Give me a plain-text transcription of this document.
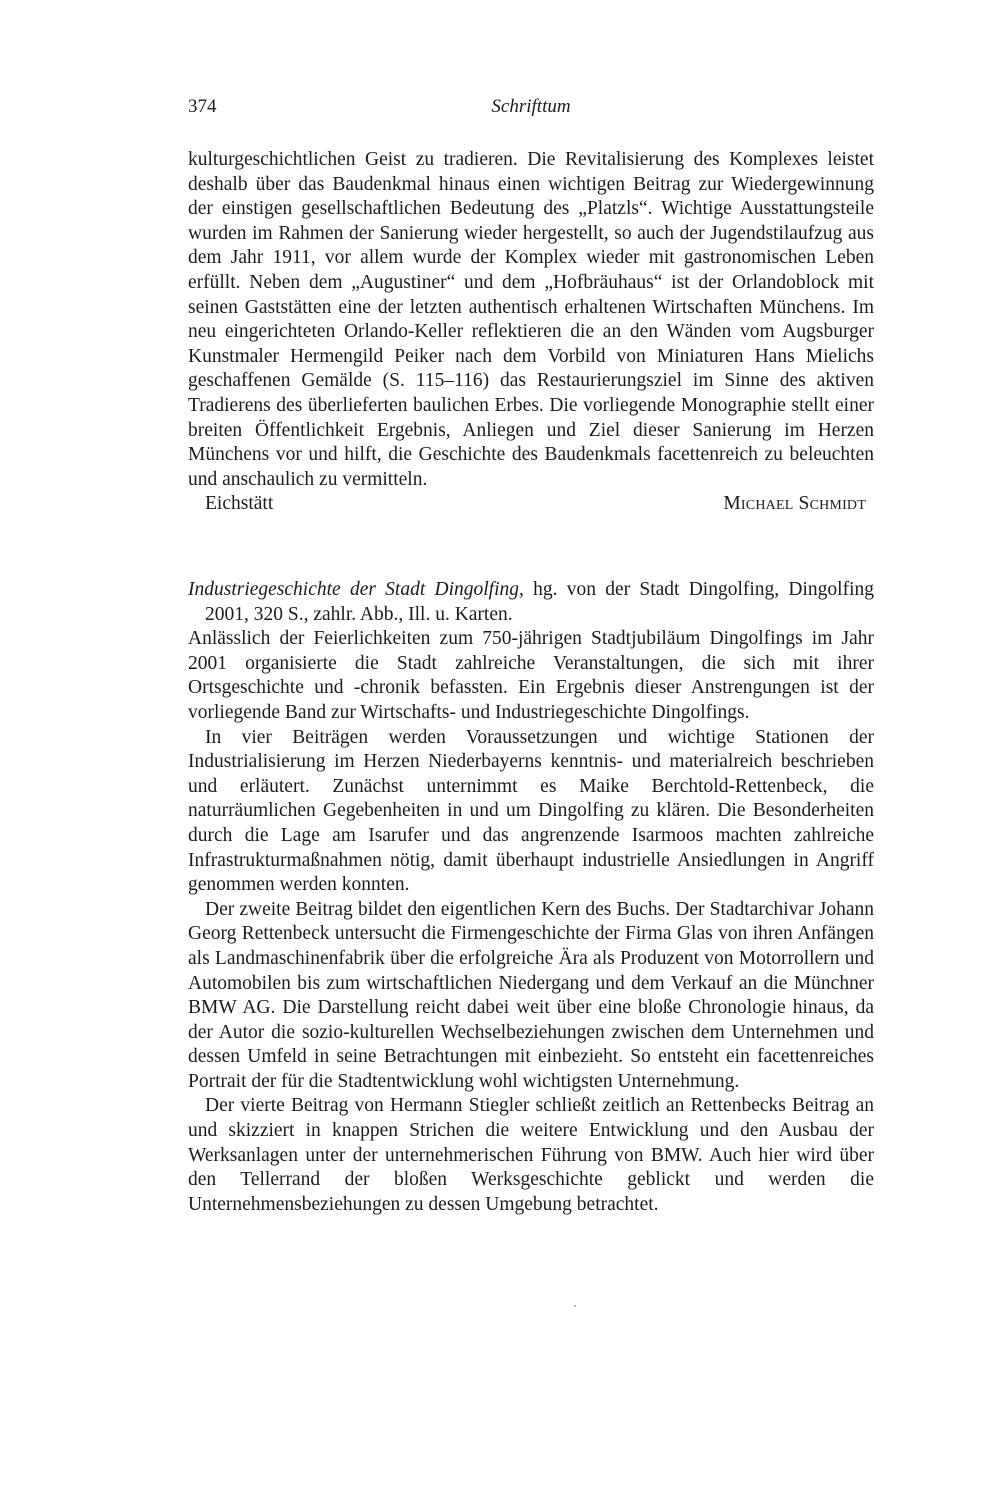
374	Schrifttum

kulturgeschichtlichen Geist zu tradieren. Die Revitalisierung des Komplexes leistet deshalb über das Baudenkmal hinaus einen wichtigen Beitrag zur Wiedergewinnung der einstigen gesellschaftlichen Bedeutung des „Platzls“. Wichtige Ausstattungsteile wurden im Rahmen der Sanierung wieder hergestellt, so auch der Jugendstilaufzug aus dem Jahr 1911, vor allem wurde der Komplex wieder mit gastronomischen Leben erfüllt. Neben dem „Augustiner“ und dem „Hofbräuhaus“ ist der Orlandoblock mit seinen Gaststätten eine der letzten authentisch erhaltenen Wirtschaften Münchens. Im neu eingerichteten Orlando-Keller reflektieren die an den Wänden vom Augsburger Kunstmaler Hermengild Peiker nach dem Vorbild von Miniaturen Hans Mielichs geschaffenen Gemälde (S. 115–116) das Restaurierungsziel im Sinne des aktiven Tradierens des überlieferten baulichen Erbes. Die vorliegende Monographie stellt einer breiten Öffentlichkeit Ergebnis, Anliegen und Ziel dieser Sanierung im Herzen Münchens vor und hilft, die Geschichte des Baudenkmals facettenreich zu beleuchten und anschaulich zu vermitteln.

Eichstätt	Michael Schmidt

Industriegeschichte der Stadt Dingolfing, hg. von der Stadt Dingolfing, Dingolfing 2001, 320 S., zahlr. Abb., Ill. u. Karten.

Anlässlich der Feierlichkeiten zum 750-jährigen Stadtjubiläum Dingolfings im Jahr 2001 organisierte die Stadt zahlreiche Veranstaltungen, die sich mit ihrer Ortsgeschichte und -chronik befassten. Ein Ergebnis dieser Anstrengungen ist der vorliegende Band zur Wirtschafts- und Industriegeschichte Dingolfings.

In vier Beiträgen werden Voraussetzungen und wichtige Stationen der Industrialisierung im Herzen Niederbayerns kenntnis- und materialreich beschrieben und erläutert. Zunächst unternimmt es Maike Berchtold-Rettenbeck, die naturräumlichen Gegebenheiten in und um Dingolfing zu klären. Die Besonderheiten durch die Lage am Isarufer und das angrenzende Isarmoos machten zahlreiche Infrastrukturmaßnahmen nötig, damit überhaupt industrielle Ansiedlungen in Angriff genommen werden konnten.

Der zweite Beitrag bildet den eigentlichen Kern des Buchs. Der Stadtarchivar Johann Georg Rettenbeck untersucht die Firmengeschichte der Firma Glas von ihren Anfängen als Landmaschinenfabrik über die erfolgreiche Ära als Produzent von Motorrollern und Automobilen bis zum wirtschaftlichen Niedergang und dem Verkauf an die Münchner BMW AG. Die Darstellung reicht dabei weit über eine bloße Chronologie hinaus, da der Autor die sozio-kulturellen Wechselbeziehungen zwischen dem Unternehmen und dessen Umfeld in seine Betrachtungen mit einbezieht. So entsteht ein facettenreiches Portrait der für die Stadtentwicklung wohl wichtigsten Unternehmung.

Der vierte Beitrag von Hermann Stiegler schließt zeitlich an Rettenbecks Beitrag an und skizziert in knappen Strichen die weitere Entwicklung und den Ausbau der Werksanlagen unter der unternehmerischen Führung von BMW. Auch hier wird über den Tellerrand der bloßen Werksgeschichte geblickt und werden die Unternehmensbeziehungen zu dessen Umgebung betrachtet.
